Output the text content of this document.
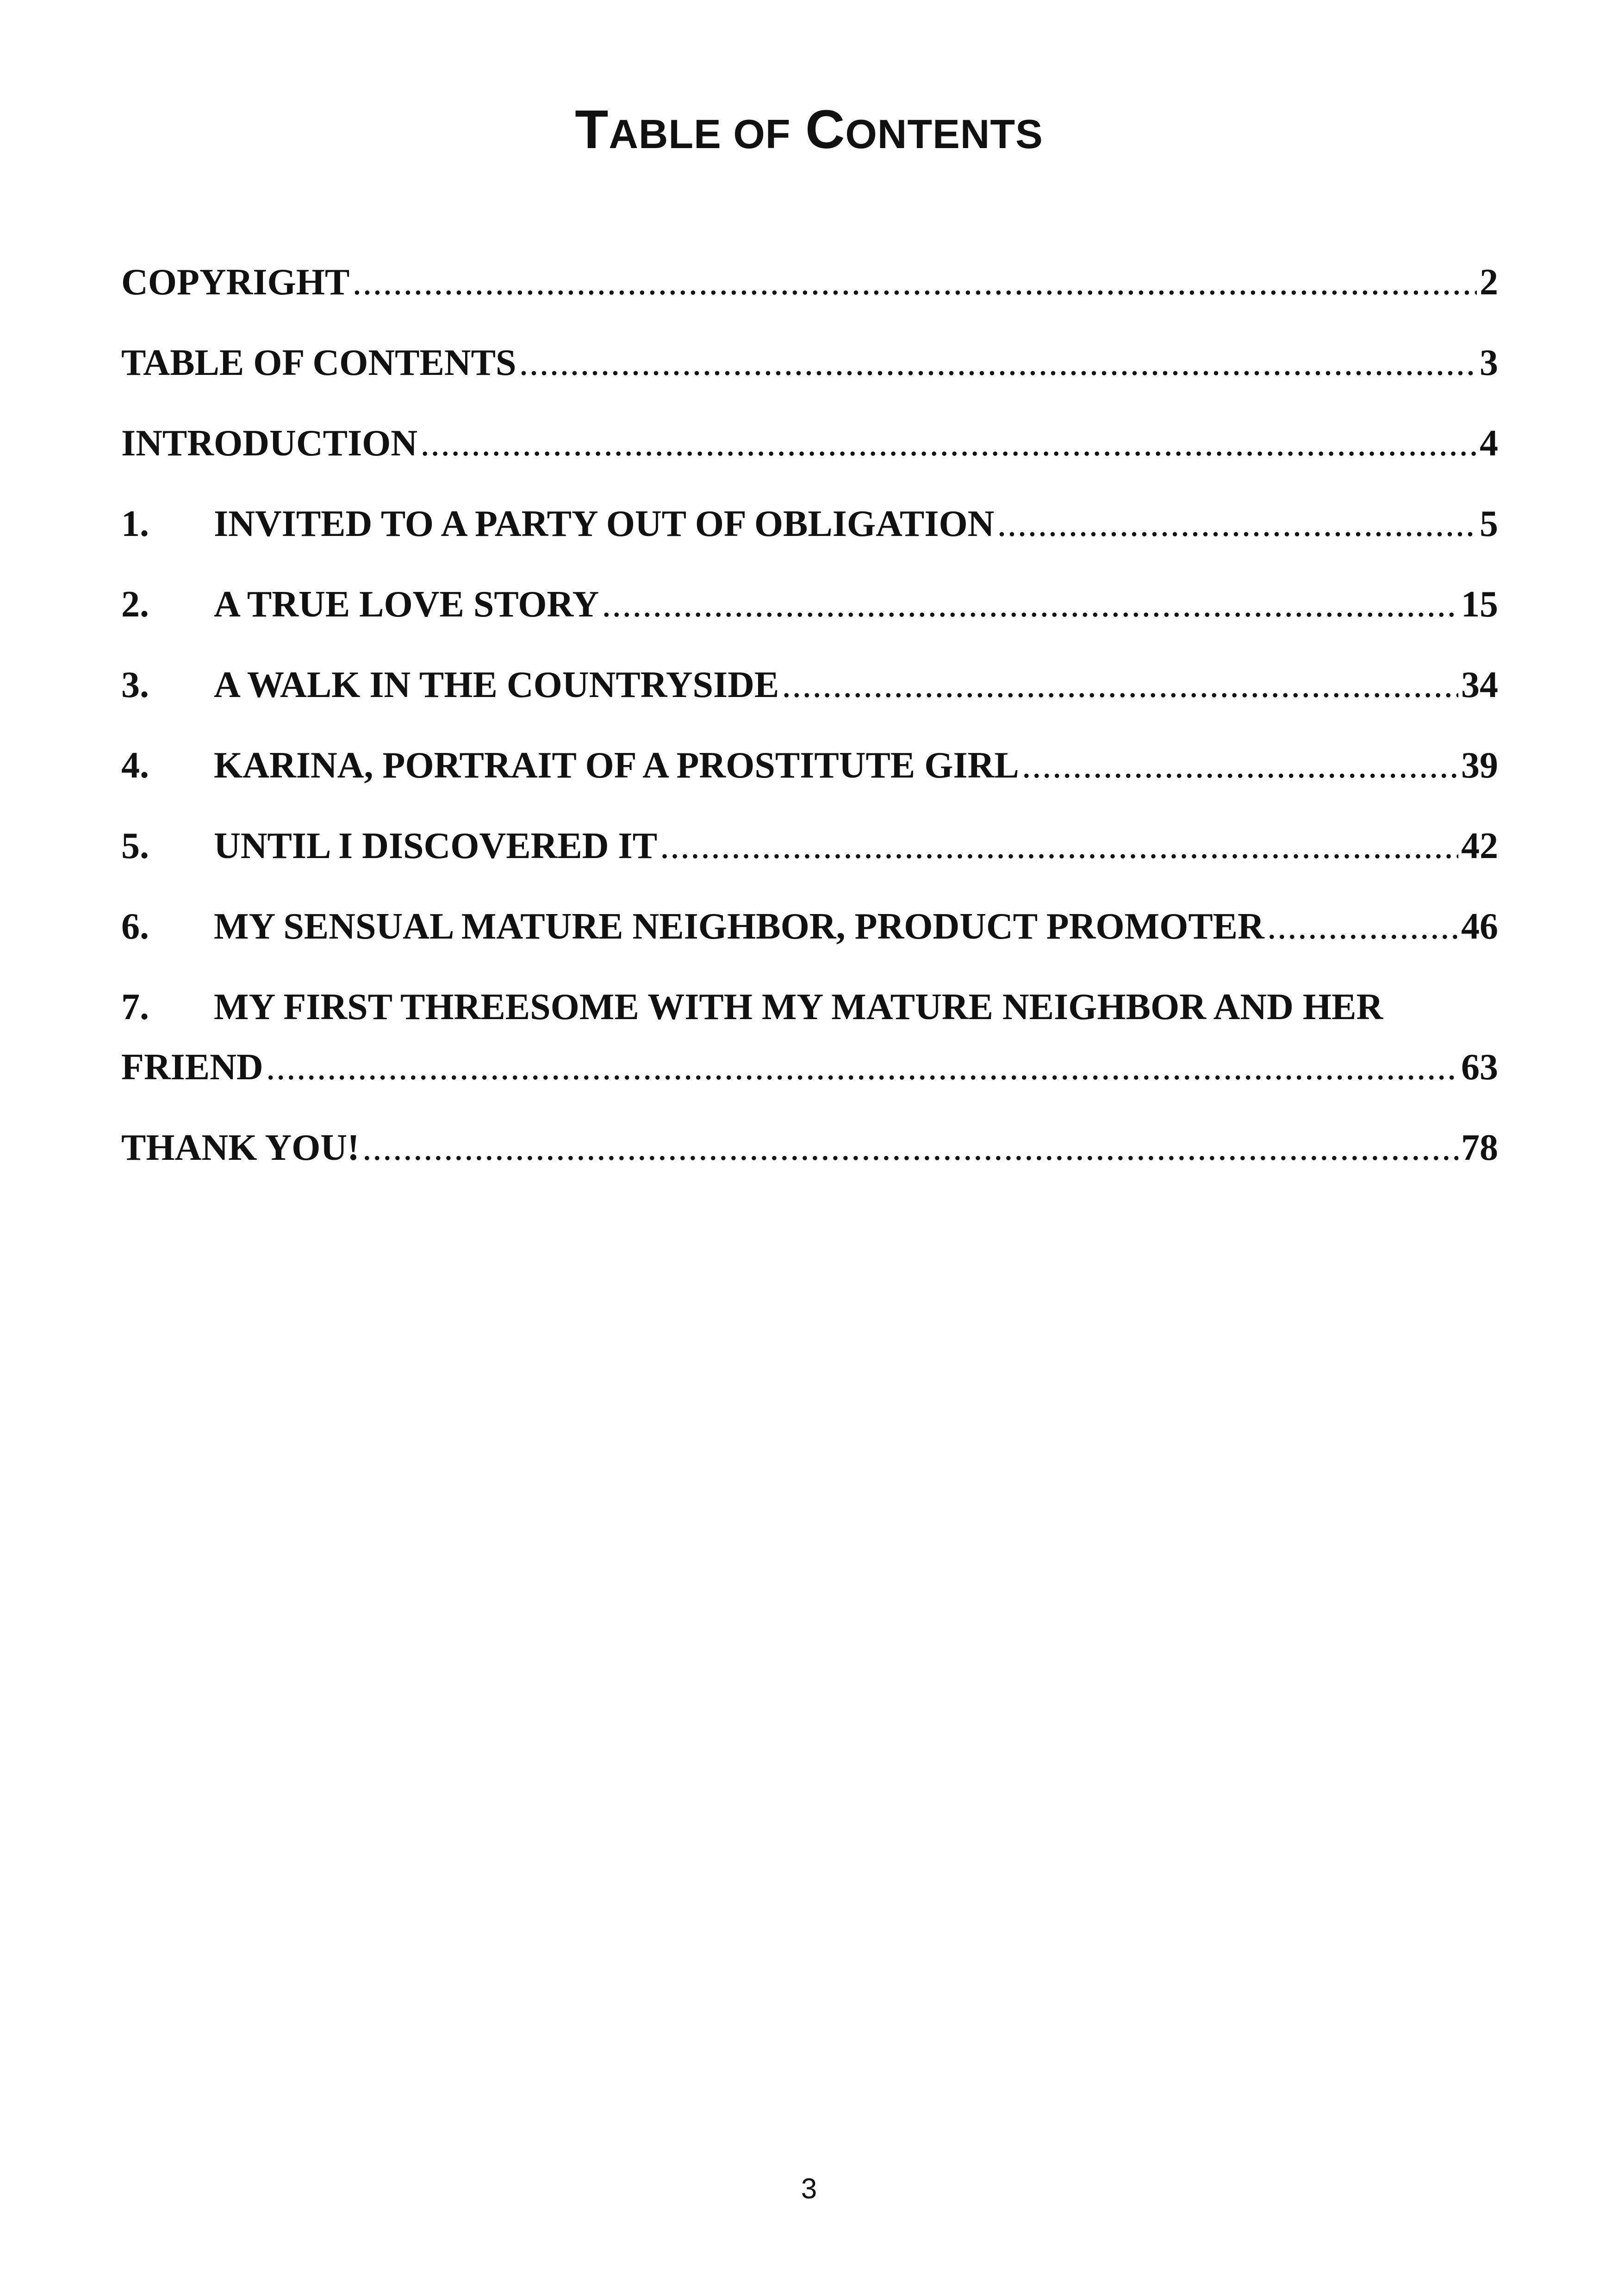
TABLE OF CONTENTS
COPYRIGHT .....	2
TABLE OF CONTENTS .....	3
INTRODUCTION .....	4
1.	INVITED TO A PARTY OUT OF OBLIGATION .....	5
2.	A TRUE LOVE STORY .....	15
3.	A WALK IN THE COUNTRYSIDE .....	34
4.	KARINA, PORTRAIT OF A PROSTITUTE GIRL .....	39
5.	UNTIL I DISCOVERED IT .....	42
6.	MY SENSUAL MATURE NEIGHBOR, PRODUCT PROMOTER .....	46
7. MY FIRST THREESOME WITH MY MATURE NEIGHBOR AND HER
FRIEND .....	63
THANK YOU! .....	78
3
